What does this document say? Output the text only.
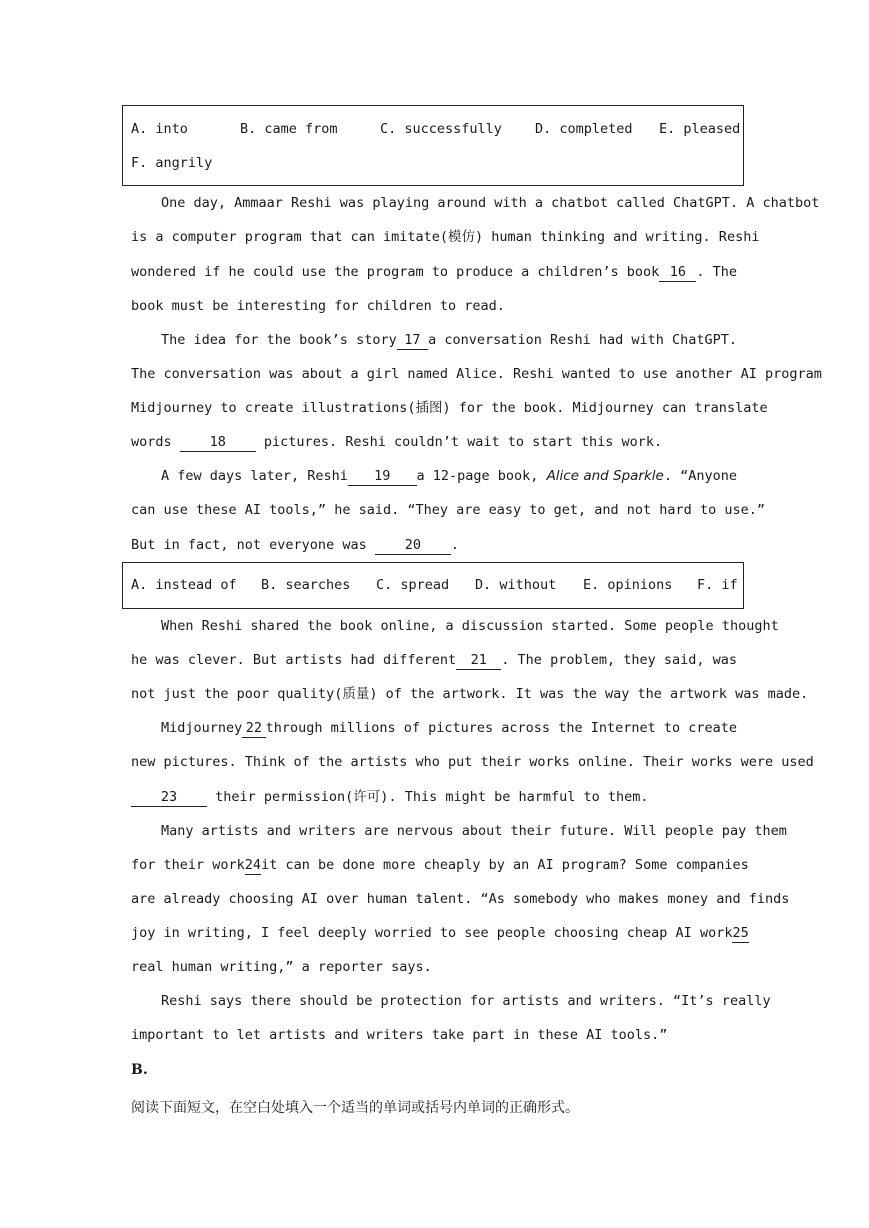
A. into	B. came from	C. successfully D. completed E. pleased
F. angrily
One day, Ammaar Reshi was playing around with a chatbot called ChatGPT. A chatbot
is a computer program that can imitate(模仿) human thinking and writing. Reshi
wondered if he could use the program to produce a children’s book 16 . The
book must be interesting for children to read.
The idea for the book’s story 17 a conversation Reshi had with ChatGPT.
The conversation was about a girl named Alice. Reshi wanted to use another AI program
Midjourney to create illustrations(插图) for the book. Midjourney can translate
words
	18
	pictures. Reshi couldn’t wait to start this work.
A few days later, Reshi	19	a 12-page book, Alice and Sparkle. “Anyone
can use these AI tools,” he said. “They are easy to get, and not hard to use.”
But in fact, not everyone was
	20	.
A. instead of B. searches C. spread D. without E. opinions F. if
When Reshi shared the book online, a discussion started. Some people thought
he was clever. But artists had different	21	. The problem, they said, was
not just the poor quality(质量) of the artwork. It was the way the artwork was made.
Midjourney 22 through millions of pictures across the Internet to create
new pictures. Think of the artists who put their works online. Their works were used
23
	their permission(许可). This might be harmful to them.
Many artists and writers are nervous about their future. Will people pay them
for their work 24 it can be done more cheaply by an AI program? Some companies
are already choosing AI over human talent. “As somebody who makes money and finds
joy in writing, I feel deeply worried to see people choosing cheap AI work 25
real human writing,” a reporter says.
Reshi says there should be protection for artists and writers. “It’s really
important to let artists and writers take part in these AI tools.”
B.
阅读下面短文，在空白处填入一个适当的单词或括号内单词的正确形式。
